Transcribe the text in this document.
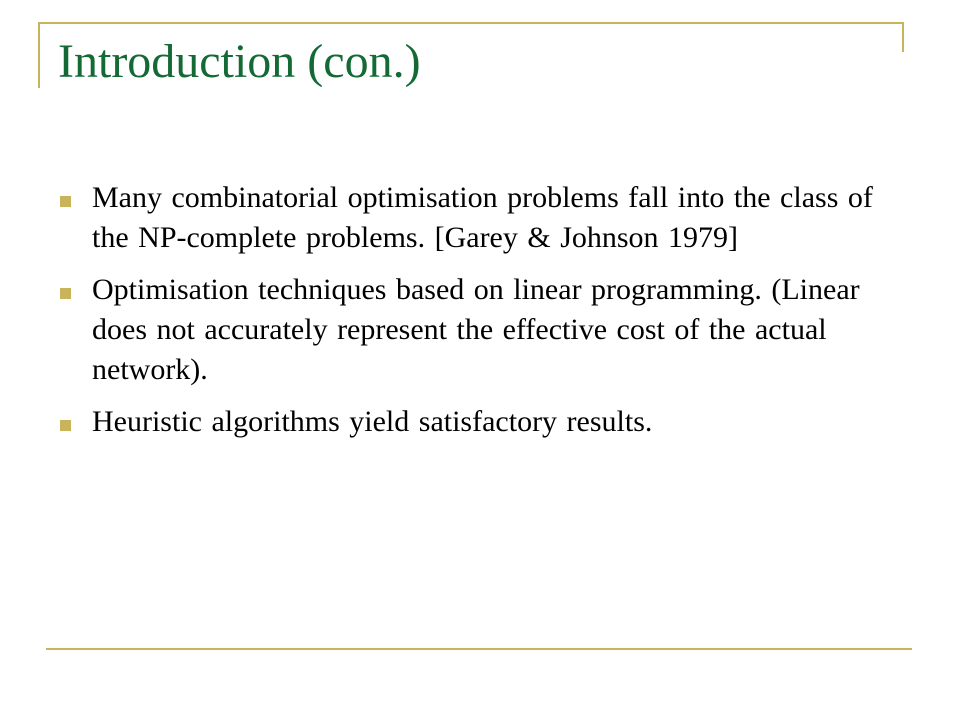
Introduction (con.)
Many combinatorial optimisation problems fall into the class of the NP-complete problems. [Garey & Johnson 1979]
Optimisation techniques based on linear programming. (Linear does not accurately represent the effective cost of the actual network).
Heuristic algorithms yield satisfactory results.
